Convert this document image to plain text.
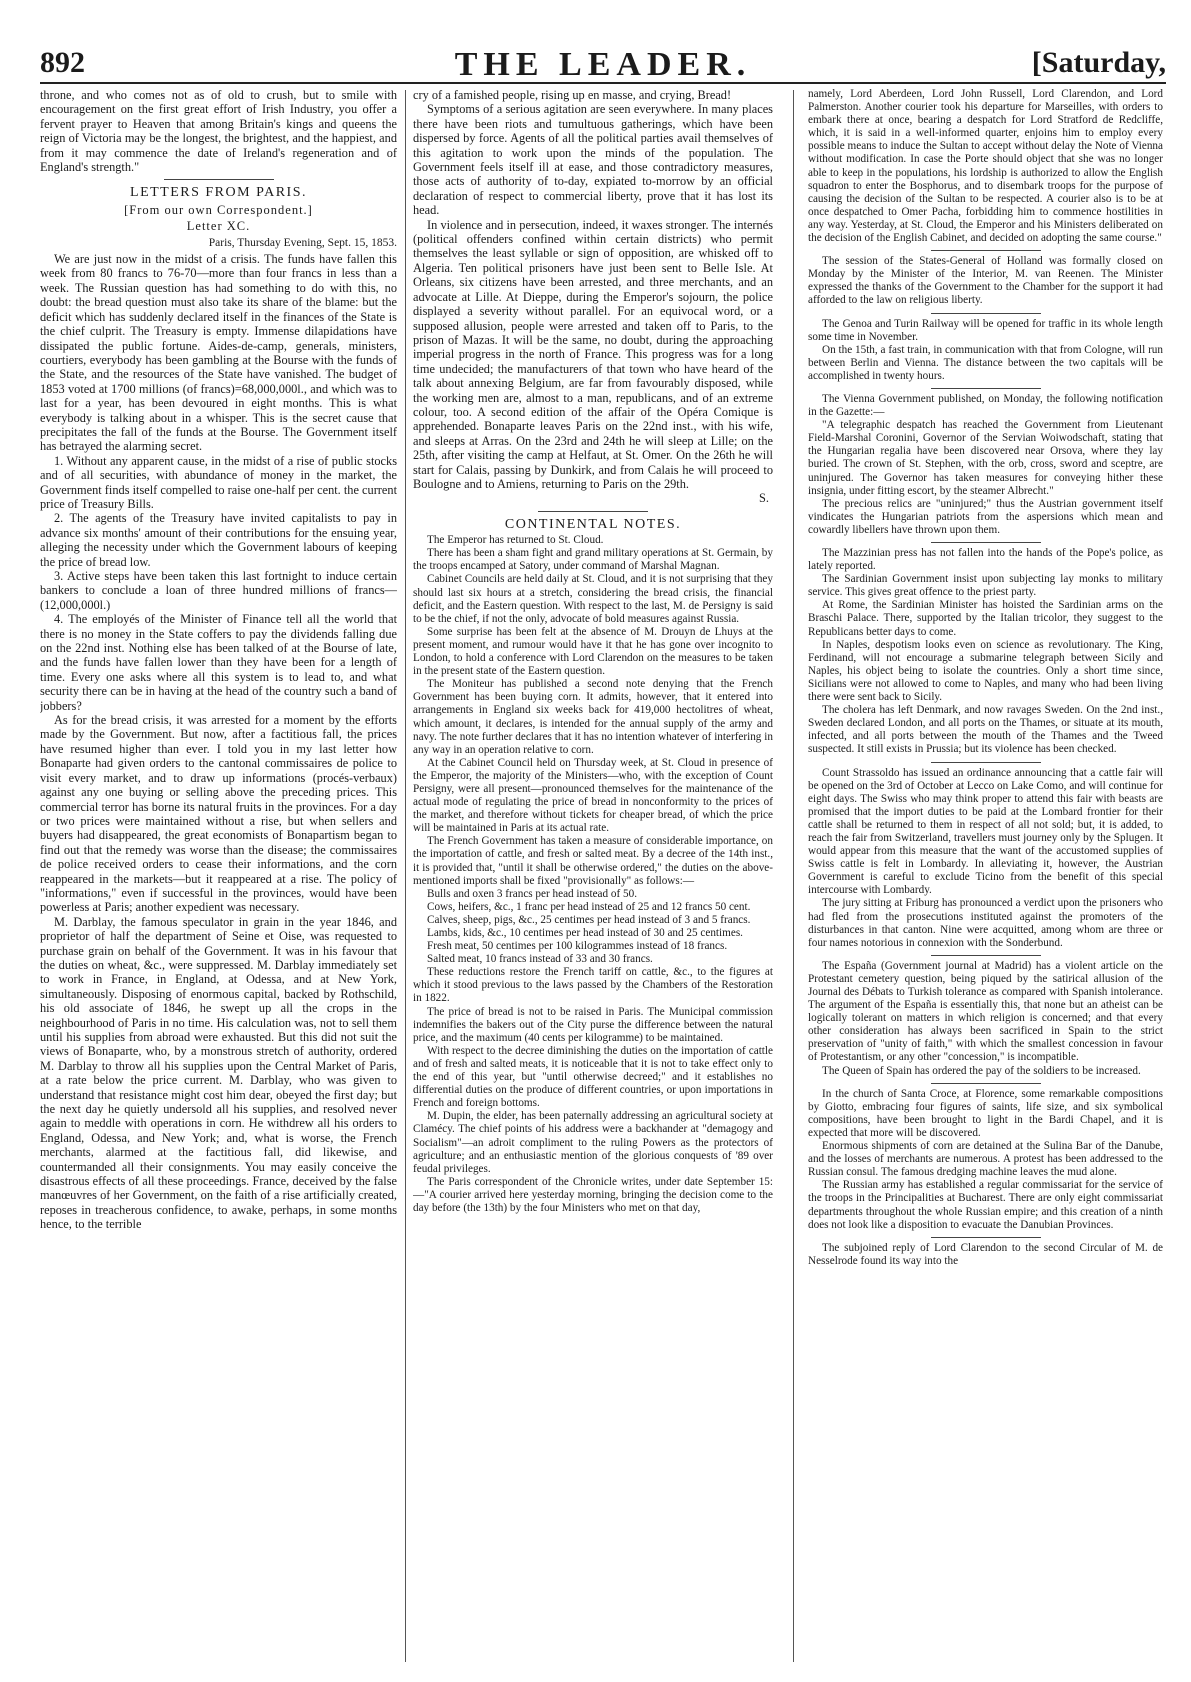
THE LEADER.
892	[Saturday,

throne, and who comes not as of old to crush, but to smile with encouragement on the first great effort of Irish Industry, you offer a fervent prayer to Heaven that among Britain's kings and queens the reign of Victoria may be the longest, the brightest, and the happiest, and from it may commence the date of Ireland's regeneration and of England's strength."

LETTERS FROM PARIS.
[From our own Correspondent.]
Letter XC.
Paris, Thursday Evening, Sept. 15, 1853.

We are just now in the midst of a crisis. The funds have fallen this week from 80 francs to 76-70—more than four francs in less than a week. The Russian question has had something to do with this, no doubt: the bread question must also take its share of the blame: but the deficit which has suddenly declared itself in the finances of the State is the chief culprit. The Treasury is empty. Immense dilapidations have dissipated the public fortune. Aides-de-camp, generals, ministers, courtiers, everybody has been gambling at the Bourse with the funds of the State, and the resources of the State have vanished. The budget of 1853 voted at 1700 millions (of francs)=68,000,000l., and which was to last for a year, has been devoured in eight months. This is what everybody is talking about in a whisper. This is the secret cause that precipitates the fall of the funds at the Bourse. The Government itself has betrayed the alarming secret.

1. Without any apparent cause, in the midst of a rise of public stocks and of all securities, with abundance of money in the market, the Government finds itself compelled to raise one-half per cent. the current price of Treasury Bills.

2. The agents of the Treasury have invited capitalists to pay in advance six months' amount of their contributions for the ensuing year, alleging the necessity under which the Government labours of keeping the price of bread low.

3. Active steps have been taken this last fortnight to induce certain bankers to conclude a loan of three hundred millions of francs—(12,000,000l.)

4. The employés of the Minister of Finance tell all the world that there is no money in the State coffers to pay the dividends falling due on the 22nd inst. Nothing else has been talked of at the Bourse of late, and the funds have fallen lower than they have been for a length of time. Every one asks where all this system is to lead to, and what security there can be in having at the head of the country such a band of jobbers?

As for the bread crisis, it was arrested for a moment by the efforts made by the Government. But now, after a factitious fall, the prices have resumed higher than ever. I told you in my last letter how Bonaparte had given orders to the cantonal commissaires de police to visit every market, and to draw up informations (procés-verbaux) against any one buying or selling above the preceding prices. This commercial terror has borne its natural fruits in the provinces. For a day or two prices were maintained without a rise, but when sellers and buyers had disappeared, the great economists of Bonapartism began to find out that the remedy was worse than the disease; the commissaires de police received orders to cease their informations, and the corn reappeared in the markets—but it reappeared at a rise. The policy of "informations," even if successful in the provinces, would have been powerless at Paris; another expedient was necessary.

M. Darblay, the famous speculator in grain in the year 1846, and proprietor of half the department of Seine et Oise, was requested to purchase grain on behalf of the Government. It was in his favour that the duties on wheat, &c., were suppressed. M. Darblay immediately set to work in France, in England, at Odessa, and at New York, simultaneously. Disposing of enormous capital, backed by Rothschild, his old associate of 1846, he swept up all the crops in the neighbourhood of Paris in no time. His calculation was, not to sell them until his supplies from abroad were exhausted. But this did not suit the views of Bonaparte, who, by a monstrous stretch of authority, ordered M. Darblay to throw all his supplies upon the Central Market of Paris, at a rate below the price current. M. Darblay, who was given to understand that resistance might cost him dear, obeyed the first day; but the next day he quietly undersold all his supplies, and resolved never again to meddle with operations in corn. He withdrew all his orders to England, Odessa, and New York; and, what is worse, the French merchants, alarmed at the factitious fall, did likewise, and countermanded all their consignments. You may easily conceive the disastrous effects of all these proceedings. France, deceived by the false manœuvres of her Government, on the faith of a rise artificially created, reposes in treacherous confidence, to awake, perhaps, in some months hence, to the terrible

cry of a famished people, rising up en masse, and crying, Bread!

Symptoms of a serious agitation are seen everywhere. In many places there have been riots and tumultuous gatherings, which have been dispersed by force. Agents of all the political parties avail themselves of this agitation to work upon the minds of the population. The Government feels itself ill at ease, and those contradictory measures, those acts of authority of to-day, expiated to-morrow by an official declaration of respect to commercial liberty, prove that it has lost its head.

In violence and in persecution, indeed, it waxes stronger. The internés (political offenders confined within certain districts) who permit themselves the least syllable or sign of opposition, are whisked off to Algeria. Ten political prisoners have just been sent to Belle Isle. At Orleans, six citizens have been arrested, and three merchants, and an advocate at Lille. At Dieppe, during the Emperor's sojourn, the police displayed a severity without parallel. For an equivocal word, or a supposed allusion, people were arrested and taken off to Paris, to the prison of Mazas. It will be the same, no doubt, during the approaching imperial progress in the north of France. This progress was for a long time undecided; the manufacturers of that town who have heard of the talk about annexing Belgium, are far from favourably disposed, while the working men are, almost to a man, republicans, and of an extreme colour, too. A second edition of the affair of the Opéra Comique is apprehended. Bonaparte leaves Paris on the 22nd inst., with his wife, and sleeps at Arras. On the 23rd and 24th he will sleep at Lille; on the 25th, after visiting the camp at Helfaut, at St. Omer. On the 26th he will start for Calais, passing by Dunkirk, and from Calais he will proceed to Boulogne and to Amiens, returning to Paris on the 29th.

S.
CONTINENTAL NOTES.

The Emperor has returned to St. Cloud.

There has been a sham fight and grand military operations at St. Germain, by the troops encamped at Satory, under command of Marshal Magnan.

Cabinet Councils are held daily at St. Cloud, and it is not surprising that they should last six hours at a stretch, considering the bread crisis, the financial deficit, and the Eastern question. With respect to the last, M. de Persigny is said to be the chief, if not the only, advocate of bold measures against Russia.

Some surprise has been felt at the absence of M. Drouyn de Lhuys at the present moment, and rumour would have it that he has gone over incognito to London, to hold a conference with Lord Clarendon on the measures to be taken in the present state of the Eastern question.

The Moniteur has published a second note denying that the French Government has been buying corn. It admits, however, that it entered into arrangements in England six weeks back for 419,000 hectolitres of wheat, which amount, it declares, is intended for the annual supply of the army and navy. The note further declares that it has no intention whatever of interfering in any way in an operation relative to corn.

At the Cabinet Council held on Thursday week, at St. Cloud in presence of the Emperor, the majority of the Ministers—who, with the exception of Count Persigny, were all present—pronounced themselves for the maintenance of the actual mode of regulating the price of bread in nonconformity to the prices of the market, and therefore without tickets for cheaper bread, of which the price will be maintained in Paris at its actual rate.

The French Government has taken a measure of considerable importance, on the importation of cattle, and fresh or salted meat. By a decree of the 14th inst., it is provided that, "until it shall be otherwise ordered," the duties on the above-mentioned imports shall be fixed "provisionally" as follows:—

Bulls and oxen 3 francs per head instead of 50.

Cows, heifers, &c., 1 franc per head instead of 25 and 12 francs 50 cent.

Calves, sheep, pigs, &c., 25 centimes per head instead of 3 and 5 francs.

Lambs, kids, &c., 10 centimes per head instead of 30 and 25 centimes.

Fresh meat, 50 centimes per 100 kilogrammes instead of 18 francs.

Salted meat, 10 francs instead of 33 and 30 francs.

These reductions restore the French tariff on cattle, &c., to the figures at which it stood previous to the laws passed by the Chambers of the Restoration in 1822.

The price of bread is not to be raised in Paris. The Municipal commission indemnifies the bakers out of the City purse the difference between the natural price, and the maximum (40 cents per kilogramme) to be maintained.

With respect to the decree diminishing the duties on the importation of cattle and of fresh and salted meats, it is noticeable that it is not to take effect only to the end of this year, but "until otherwise decreed;" and it establishes no differential duties on the produce of different countries, or upon importations in French and foreign bottoms.

M. Dupin, the elder, has been paternally addressing an agricultural society at Clamécy. The chief points of his address were a backhander at "demagogy and Socialism"—an adroit compliment to the ruling Powers as the protectors of agriculture; and an enthusiastic mention of the glorious conquests of '89 over feudal privileges.

The Paris correspondent of the Chronicle writes, under date September 15:—"A courier arrived here yesterday morning, bringing the decision come to the day before (the 13th) by the four Ministers who met on that day,

namely, Lord Aberdeen, Lord John Russell, Lord Clarendon, and Lord Palmerston. Another courier took his departure for Marseilles, with orders to embark there at once, bearing a despatch for Lord Stratford de Redcliffe, which, it is said in a well-informed quarter, enjoins him to employ every possible means to induce the Sultan to accept without delay the Note of Vienna without modification. In case the Porte should object that she was no longer able to keep in the populations, his lordship is authorized to allow the English squadron to enter the Bosphorus, and to disembark troops for the purpose of causing the decision of the Sultan to be respected. A courier also is to be at once despatched to Omer Pacha, forbidding him to commence hostilities in any way. Yesterday, at St. Cloud, the Emperor and his Ministers deliberated on the decision of the English Cabinet, and decided on adopting the same course."

The session of the States-General of Holland was formally closed on Monday by the Minister of the Interior, M. van Reenen. The Minister expressed the thanks of the Government to the Chamber for the support it had afforded to the law on religious liberty.

The Genoa and Turin Railway will be opened for traffic in its whole length some time in November.

On the 15th, a fast train, in communication with that from Cologne, will run between Berlin and Vienna. The distance between the two capitals will be accomplished in twenty hours.

The Vienna Government published, on Monday, the following notification in the Gazette:—

"A telegraphic despatch has reached the Government from Lieutenant Field-Marshal Coronini, Governor of the Servian Woiwodschaft, stating that the Hungarian regalia have been discovered near Orsova, where they lay buried. The crown of St. Stephen, with the orb, cross, sword and sceptre, are uninjured. The Governor has taken measures for conveying hither these insignia, under fitting escort, by the steamer Albrecht."

The precious relics are "uninjured;" thus the Austrian government itself vindicates the Hungarian patriots from the aspersions which mean and cowardly libellers have thrown upon them.

The Mazzinian press has not fallen into the hands of the Pope's police, as lately reported.

The Sardinian Government insist upon subjecting lay monks to military service. This gives great offence to the priest party.

At Rome, the Sardinian Minister has hoisted the Sardinian arms on the Braschi Palace. There, supported by the Italian tricolor, they suggest to the Republicans better days to come.

In Naples, despotism looks even on science as revolutionary. The King, Ferdinand, will not encourage a submarine telegraph between Sicily and Naples, his object being to isolate the countries. Only a short time since, Sicilians were not allowed to come to Naples, and many who had been living there were sent back to Sicily.

The cholera has left Denmark, and now ravages Sweden. On the 2nd inst., Sweden declared London, and all ports on the Thames, or situate at its mouth, infected, and all ports between the mouth of the Thames and the Tweed suspected. It still exists in Prussia; but its violence has been checked.

Count Strassoldo has issued an ordinance announcing that a cattle fair will be opened on the 3rd of October at Lecco on Lake Como, and will continue for eight days. The Swiss who may think proper to attend this fair with beasts are promised that the import duties to be paid at the Lombard frontier for their cattle shall be returned to them in respect of all not sold; but, it is added, to reach the fair from Switzerland, travellers must journey only by the Splugen. It would appear from this measure that the want of the accustomed supplies of Swiss cattle is felt in Lombardy. In alleviating it, however, the Austrian Government is careful to exclude Ticino from the benefit of this special intercourse with Lombardy.

The jury sitting at Friburg has pronounced a verdict upon the prisoners who had fled from the prosecutions instituted against the promoters of the disturbances in that canton. Nine were acquitted, among whom are three or four names notorious in connexion with the Sonderbund.

The España (Government journal at Madrid) has a violent article on the Protestant cemetery question, being piqued by the satirical allusion of the Journal des Débats to Turkish tolerance as compared with Spanish intolerance. The argument of the España is essentially this, that none but an atheist can be logically tolerant on matters in which religion is concerned; and that every other consideration has always been sacrificed in Spain to the strict preservation of "unity of faith," with which the smallest concession in favour of Protestantism, or any other "concession," is incompatible.

The Queen of Spain has ordered the pay of the soldiers to be increased.

In the church of Santa Croce, at Florence, some remarkable compositions by Giotto, embracing four figures of saints, life size, and six symbolical compositions, have been brought to light in the Bardi Chapel, and it is expected that more will be discovered.

Enormous shipments of corn are detained at the Sulina Bar of the Danube, and the losses of merchants are numerous. A protest has been addressed to the Russian consul. The famous dredging machine leaves the mud alone.

The Russian army has established a regular commissariat for the service of the troops in the Principalities at Bucharest. There are only eight commissariat departments throughout the whole Russian empire; and this creation of a ninth does not look like a disposition to evacuate the Danubian Provinces.

The subjoined reply of Lord Clarendon to the second Circular of M. de Nesselrode found its way into the
